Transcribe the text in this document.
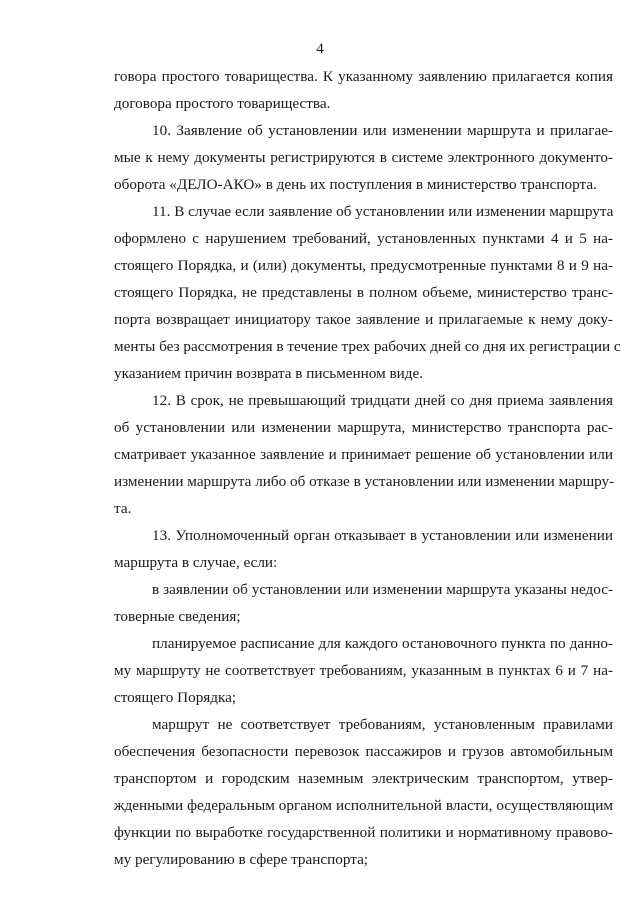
4
говора простого товарищества. К указанному заявлению прилагается копия
договора простого товарищества.
10. Заявление об установлении или изменении маршрута и прилагае-
мые к нему документы регистрируются в системе электронного документо-
оборота «ДЕЛО-АКО» в день их поступления в министерство транспорта.
11. В случае если заявление об установлении или изменении маршрута
оформлено с нарушением требований, установленных пунктами 4 и 5 на-
стоящего Порядка, и (или) документы, предусмотренные пунктами 8 и 9 на-
стоящего Порядка, не представлены в полном объеме, министерство транс-
порта возвращает инициатору такое заявление и прилагаемые к нему доку-
менты без рассмотрения в течение трех рабочих дней со дня их регистрации с
указанием причин возврата в письменном виде.
12. В срок, не превышающий тридцати дней со дня приема заявления
об установлении или изменении маршрута, министерство транспорта рас-
сматривает указанное заявление и принимает решение об установлении или
изменении маршрута либо об отказе в установлении или изменении маршру-
та.
13. Уполномоченный орган отказывает в установлении или изменении
маршрута в случае, если:
в заявлении об установлении или изменении маршрута указаны недос-
товерные сведения;
планируемое расписание для каждого остановочного пункта по данно-
му маршруту не соответствует требованиям, указанным в пунктах 6 и 7 на-
стоящего Порядка;
маршрут не соответствует требованиям, установленным правилами
обеспечения безопасности перевозок пассажиров и грузов автомобильным
транспортом и городским наземным электрическим транспортом, утвер-
жденными федеральным органом исполнительной власти, осуществляющим
функции по выработке государственной политики и нормативному правово-
му регулированию в сфере транспорта;
